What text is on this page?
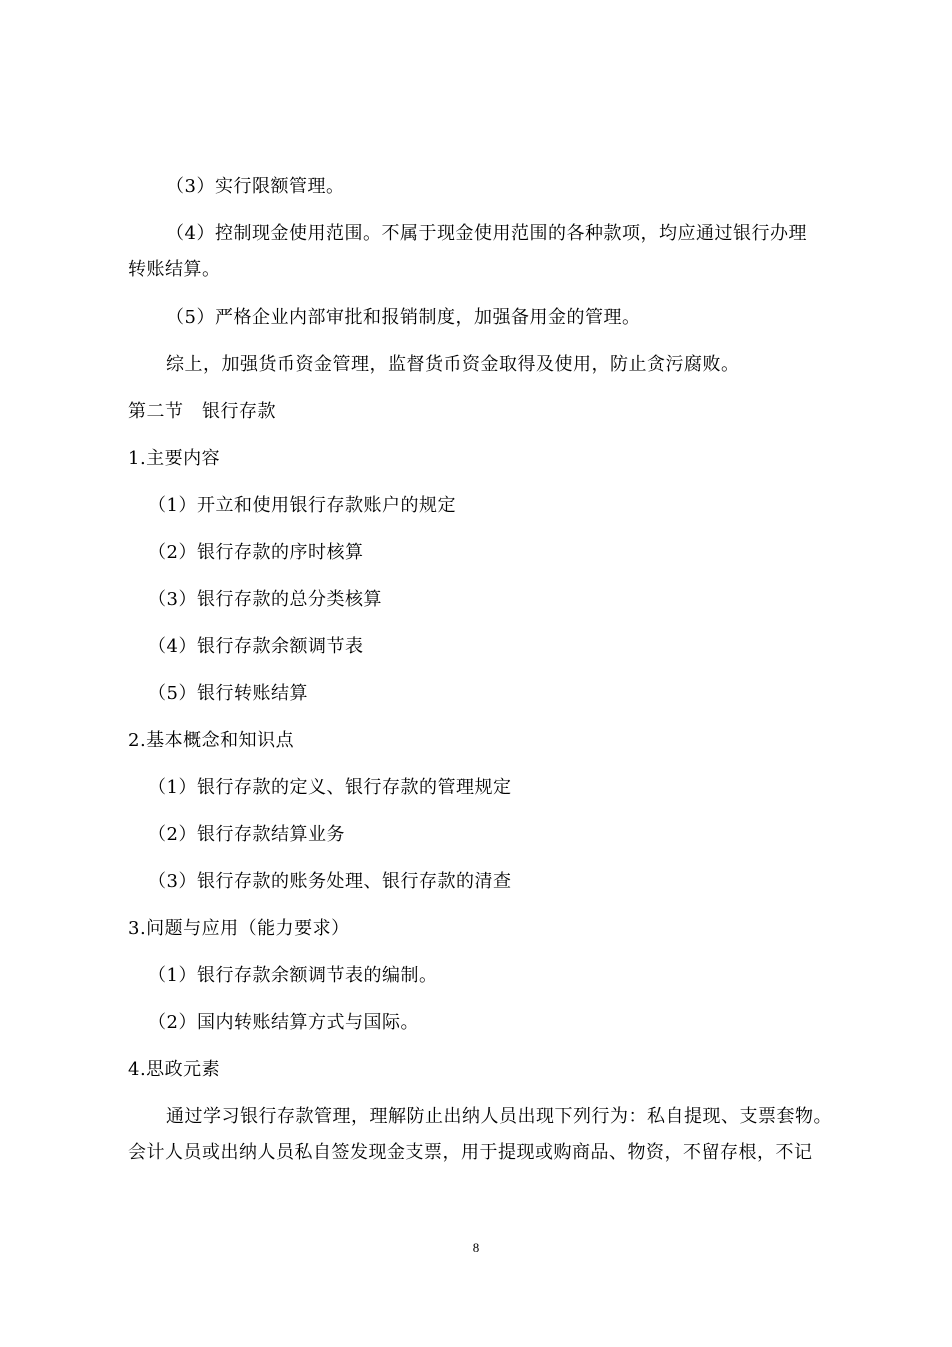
（3）实行限额管理。
（4）控制现金使用范围。不属于现金使用范围的各种款项，均应通过银行办理
转账结算。
（5）严格企业内部审批和报销制度，加强备用金的管理。
综上，加强货币资金管理，监督货币资金取得及使用，防止贪污腐败。
第二节　银行存款
1.主要内容
（1）开立和使用银行存款账户的规定
（2）银行存款的序时核算
（3）银行存款的总分类核算
（4）银行存款余额调节表
（5）银行转账结算
2.基本概念和知识点
（1）银行存款的定义、银行存款的管理规定
（2）银行存款结算业务
（3）银行存款的账务处理、银行存款的清查
3.问题与应用（能力要求）
（1）银行存款余额调节表的编制。
（2）国内转账结算方式与国际。
4.思政元素
通过学习银行存款管理，理解防止出纳人员出现下列行为：私自提现、支票套物。
会计人员或出纳人员私自签发现金支票，用于提现或购商品、物资，不留存根，不记
8
